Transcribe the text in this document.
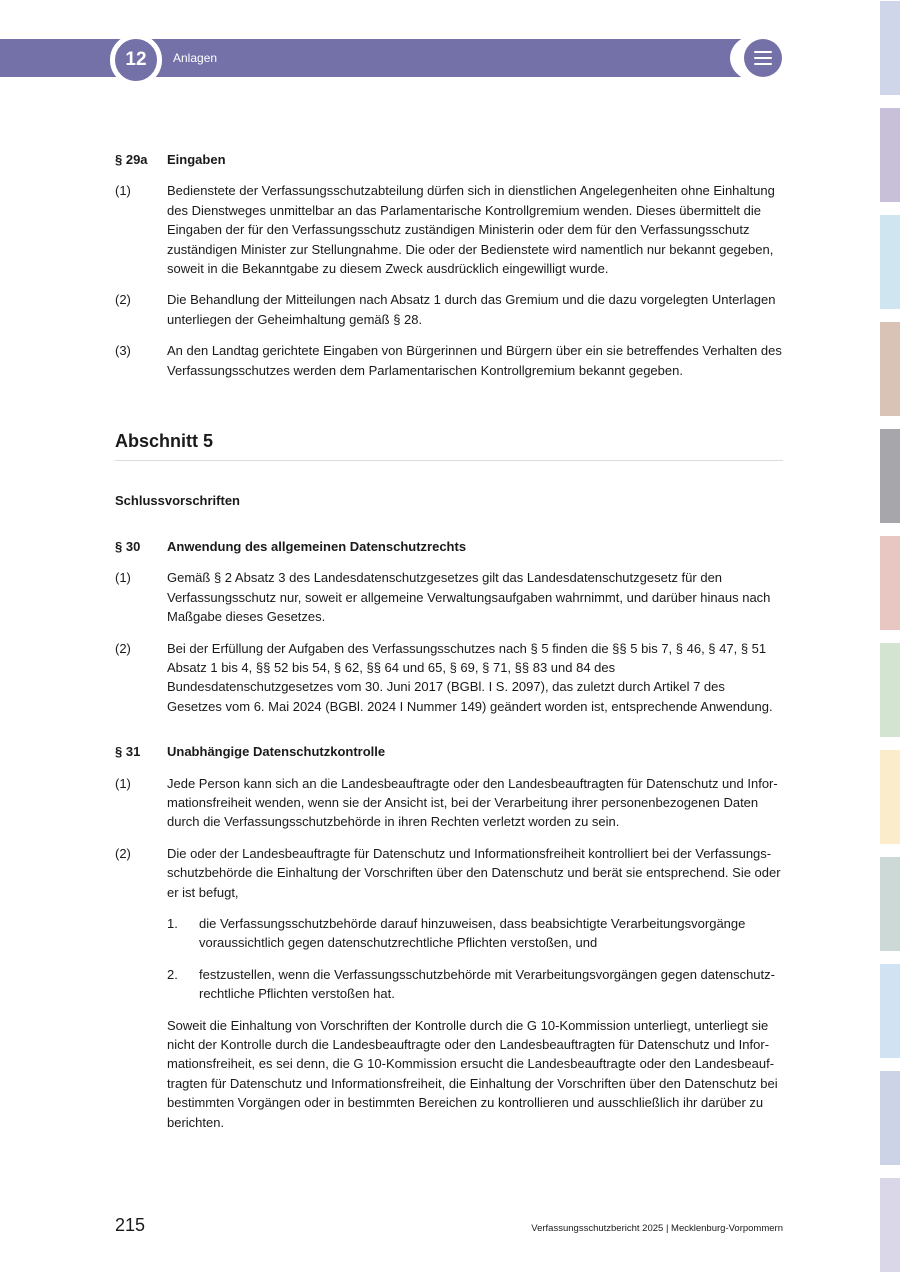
12	Anlagen
§ 29a	Eingaben
(1)	Bedienstete der Verfassungsschutzabteilung dürfen sich in dienstlichen Angelegenheiten ohne Einhaltung des Dienstweges unmittelbar an das Parlamentarische Kontrollgremium wenden. Dieses übermittelt die Eingaben der für den Verfassungsschutz zuständigen Ministerin oder dem für den Verfassungsschutz zuständigen Minister zur Stellungnahme. Die oder der Bedienstete wird namentlich nur bekannt gegeben, soweit in die Bekanntgabe zu diesem Zweck ausdrücklich eingewilligt wurde.
(2)	Die Behandlung der Mitteilungen nach Absatz 1 durch das Gremium und die dazu vorgelegten Unterlagen unterliegen der Geheimhaltung gemäß § 28.
(3)	An den Landtag gerichtete Eingaben von Bürgerinnen und Bürgern über ein sie betreffendes Verhalten des Verfassungsschutzes werden dem Parlamentarischen Kontrollgremium bekannt gegeben.
Abschnitt 5
Schlussvorschriften
§ 30	Anwendung des allgemeinen Datenschutzrechts
(1)	Gemäß § 2 Absatz 3 des Landesdatenschutzgesetzes gilt das Landesdatenschutzgesetz für den Verfassungsschutz nur, soweit er allgemeine Verwaltungsaufgaben wahrnimmt, und darüber hinaus nach Maßgabe dieses Gesetzes.
(2)	Bei der Erfüllung der Aufgaben des Verfassungsschutzes nach § 5 finden die §§ 5 bis 7, § 46, § 47, § 51 Absatz 1 bis 4, §§ 52 bis 54, § 62, §§ 64 und 65, § 69, § 71, §§ 83 und 84 des Bundesdatenschutzgesetzes vom 30. Juni 2017 (BGBl. I S. 2097), das zuletzt durch Artikel 7 des Gesetzes vom 6. Mai 2024 (BGBl. 2024 I Nummer 149) geändert worden ist, entsprechende Anwendung.
§ 31	Unabhängige Datenschutzkontrolle
(1)	Jede Person kann sich an die Landesbeauftragte oder den Landesbeauftragten für Datenschutz und Informationsfreiheit wenden, wenn sie der Ansicht ist, bei der Verarbeitung ihrer personenbezogenen Daten durch die Verfassungsschutzbehörde in ihren Rechten verletzt worden zu sein.
(2)	Die oder der Landesbeauftragte für Datenschutz und Informationsfreiheit kontrolliert bei der Verfassungsschutzbehörde die Einhaltung der Vorschriften über den Datenschutz und berät sie entsprechend. Sie oder er ist befugt,
1.	die Verfassungsschutzbehörde darauf hinzuweisen, dass beabsichtigte Verarbeitungsvorgänge voraussichtlich gegen datenschutzrechtliche Pflichten verstoßen, und
2.	festzustellen, wenn die Verfassungsschutzbehörde mit Verarbeitungsvorgängen gegen datenschutzrechtliche Pflichten verstoßen hat.
Soweit die Einhaltung von Vorschriften der Kontrolle durch die G 10-Kommission unterliegt, unterliegt sie nicht der Kontrolle durch die Landesbeauftragte oder den Landesbeauftragten für Datenschutz und Informationsfreiheit, es sei denn, die G 10-Kommission ersucht die Landesbeauftragte oder den Landesbeauftragten für Datenschutz und Informationsfreiheit, die Einhaltung der Vorschriften über den Datenschutz bei bestimmten Vorgängen oder in bestimmten Bereichen zu kontrollieren und ausschließlich ihr darüber zu berichten.
215	Verfassungsschutzbericht 2025 | Mecklenburg-Vorpommern
